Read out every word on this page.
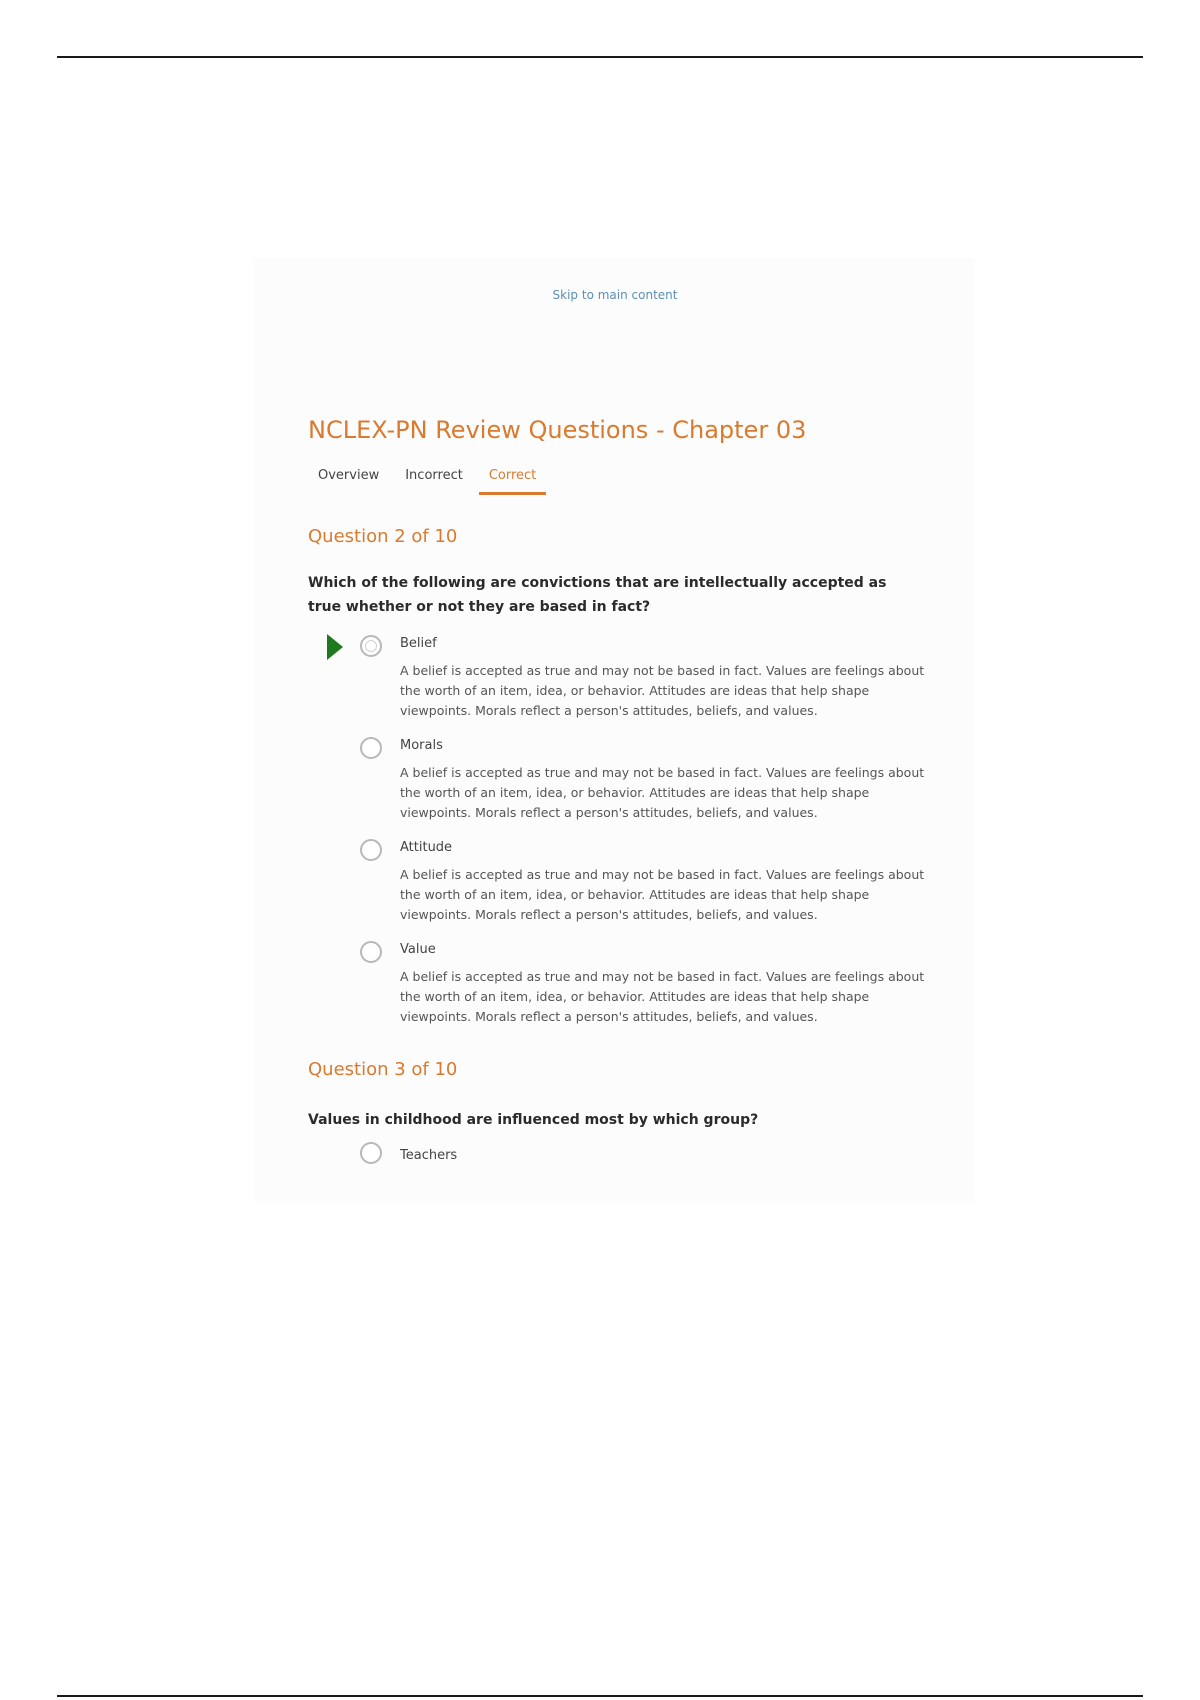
Skip to main content
NCLEX-PN Review Questions - Chapter 03
Overview	Incorrect	Correct
Question 2 of 10

Which of the following are convictions that are intellectually accepted as true whether or not they are based in fact?

Belief

A belief is accepted as true and may not be based in fact. Values are feelings about the worth of an item, idea, or behavior. Attitudes are ideas that help shape viewpoints. Morals reflect a person's attitudes, beliefs, and values.

Morals

A belief is accepted as true and may not be based in fact. Values are feelings about the worth of an item, idea, or behavior. Attitudes are ideas that help shape viewpoints. Morals reflect a person's attitudes, beliefs, and values.

Attitude

A belief is accepted as true and may not be based in fact. Values are feelings about the worth of an item, idea, or behavior. Attitudes are ideas that help shape viewpoints. Morals reflect a person's attitudes, beliefs, and values.

Value

A belief is accepted as true and may not be based in fact. Values are feelings about the worth of an item, idea, or behavior. Attitudes are ideas that help shape viewpoints. Morals reflect a person's attitudes, beliefs, and values.

Question 3 of 10

Values in childhood are influenced most by which group?

Teachers
